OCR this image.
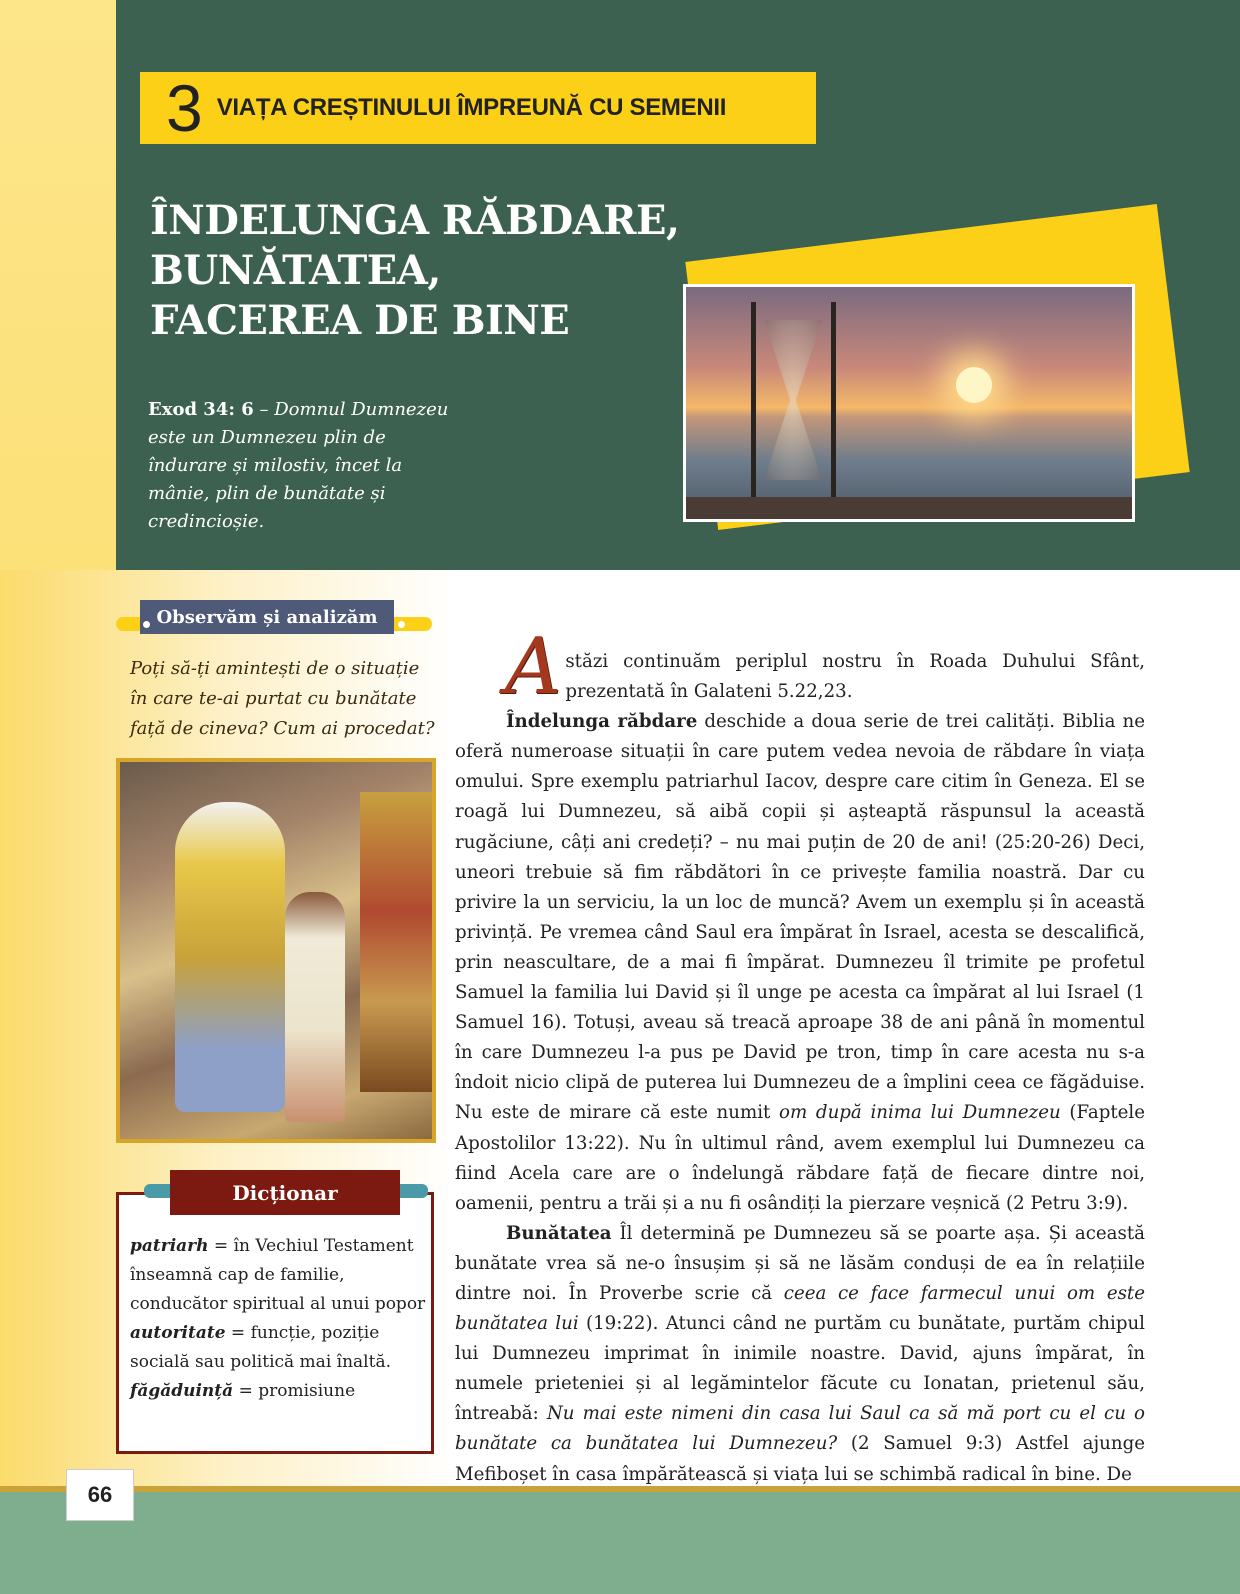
3 VIAȚA CREȘTINULUI ÎMPREUNĂ CU SEMENII
ÎNDELUNGA RĂBDARE,
BUNĂTATEA,
FACEREA DE BINE
Exod 34: 6 – Domnul Dumnezeu este un Dumnezeu plin de îndurare și milostiv, încet la mânie, plin de bunătate și credincioșie.
Observăm și analizăm
Poți să-ți amintești de o situație în care te-ai purtat cu bunătate față de cineva? Cum ai procedat?
Dicționar
patriarh = în Vechiul Testament înseamnă cap de familie, conducător spiritual al unui popor
autoritate = funcție, poziție socială sau politică mai înaltă.
făgăduință = promisiune
A stăzi continuăm periplul nostru în Roada Duhului Sfânt, prezentată în Galateni 5.22,23.

Îndelunga răbdare deschide a doua serie de trei calități. Biblia ne oferă numeroase situații în care putem vedea nevoia de răbdare în viața omului. Spre exemplu patriarhul Iacov, despre care citim în Geneza. El se roagă lui Dumnezeu, să aibă copii și așteaptă răspunsul la această rugăciune, câți ani credeți? – nu mai puțin de 20 de ani! (25:20-26) Deci, uneori trebuie să fim răbdători în ce privește familia noastră. Dar cu privire la un serviciu, la un loc de muncă? Avem un exemplu și în această privință. Pe vremea când Saul era împărat în Israel, acesta se descalifică, prin neascultare, de a mai fi împărat. Dumnezeu îl trimite pe profetul Samuel la familia lui David și îl unge pe acesta ca împărat al lui Israel (1 Samuel 16). Totuși, aveau să treacă aproape 38 de ani până în momentul în care Dumnezeu l-a pus pe David pe tron, timp în care acesta nu s-a îndoit nicio clipă de puterea lui Dumnezeu de a împlini ceea ce făgăduise. Nu este de mirare că este numit om după inima lui Dumnezeu (Faptele Apostolilor 13:22). Nu în ultimul rând, avem exemplul lui Dumnezeu ca fiind Acela care are o îndelungă răbdare față de fiecare dintre noi, oamenii, pentru a trăi și a nu fi osândiți la pierzare veșnică (2 Petru 3:9).

Bunătatea Îl determină pe Dumnezeu să se poarte așa. Și această bunătate vrea să ne-o însușim și să ne lăsăm conduși de ea în relațiile dintre noi. În Proverbe scrie că ceea ce face farmecul unui om este bunătatea lui (19:22). Atunci când ne purtăm cu bunătate, purtăm chipul lui Dumnezeu imprimat în inimile noastre. David, ajuns împărat, în numele prieteniei și al legămintelor făcute cu Ionatan, prietenul său, întreabă: Nu mai este nimeni din casa lui Saul ca să mă port cu el cu o bunătate ca bunătatea lui Dumnezeu? (2 Samuel 9:3) Astfel ajunge Mefiboșet în casa împărătească și viața lui se schimbă radical în bine. De

66
